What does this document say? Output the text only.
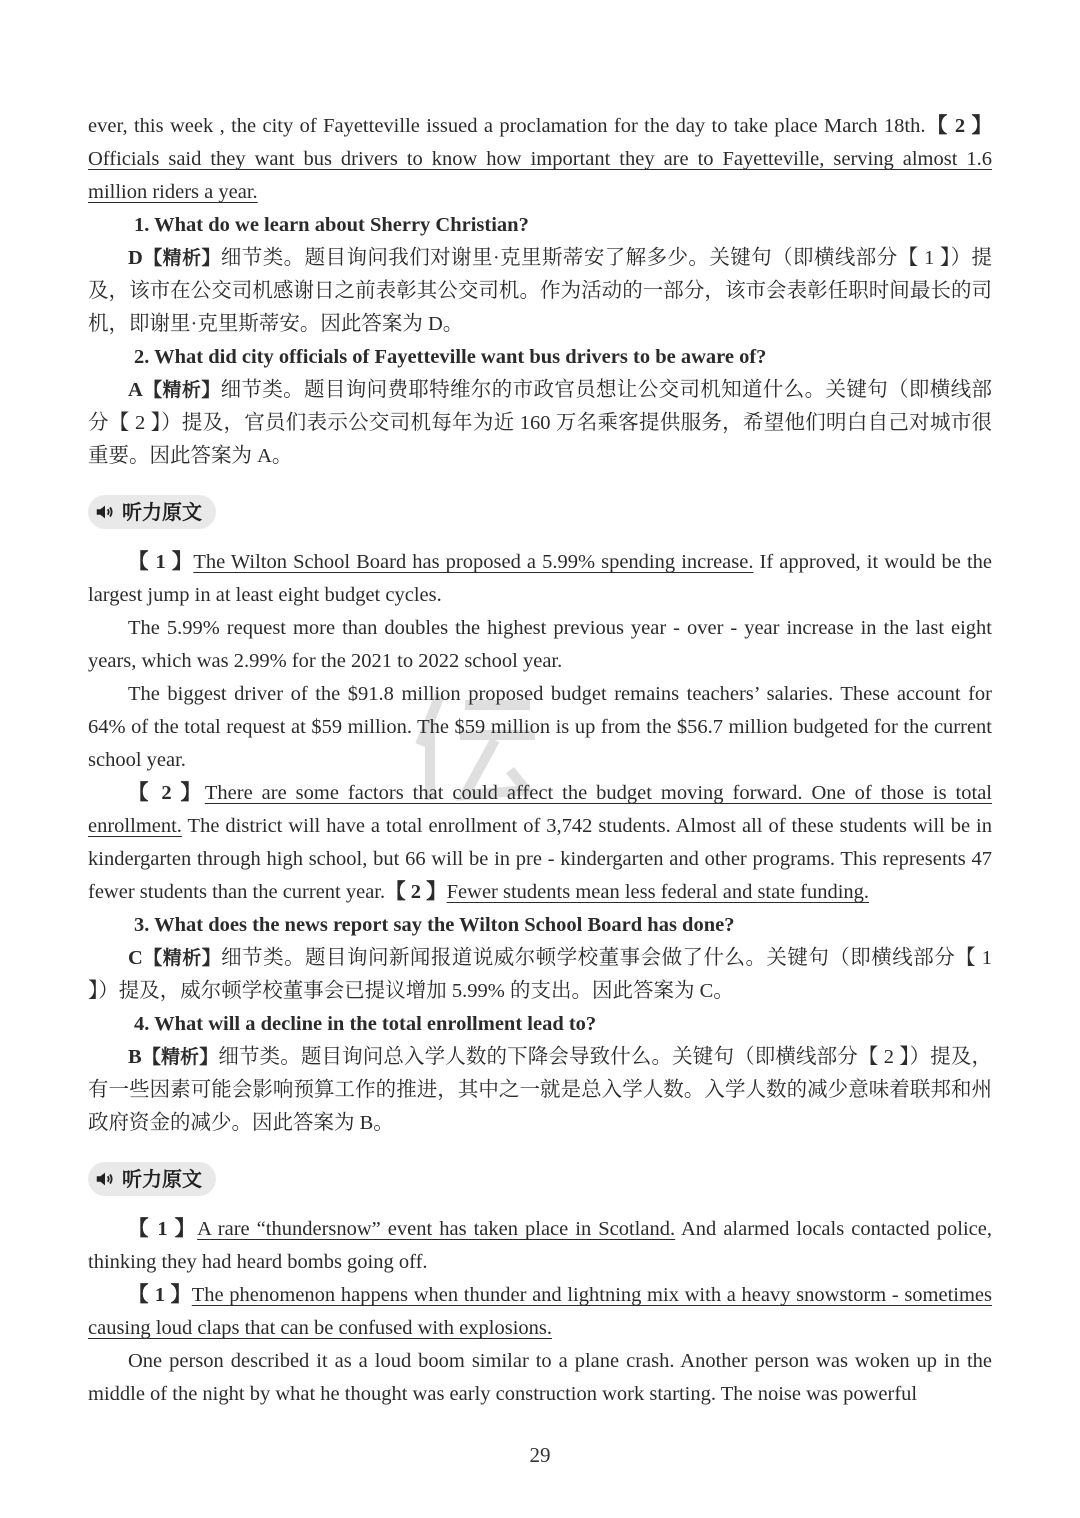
ever, this week , the city of Fayetteville issued a proclamation for the day to take place March 18th.【 2 】 Officials said they want bus drivers to know how important they are to Fayetteville, serving almost 1.6 million riders a year.

1. What do we learn about Sherry Christian?

D【精析】细节类。题目询问我们对谢里·克里斯蒂安了解多少。关键句（即横线部分【 1 】）提及，该市在公交司机感谢日之前表彰其公交司机。作为活动的一部分，该市会表彰任职时间最长的司机，即谢里·克里斯蒂安。因此答案为 D。

2. What did city officials of Fayetteville want bus drivers to be aware of?

A【精析】细节类。题目询问费耶特维尔的市政官员想让公交司机知道什么。关键句（即横线部分【 2 】）提及，官员们表示公交司机每年为近 160 万名乘客提供服务，希望他们明白自己对城市很重要。因此答案为 A。

听力原文

【 1 】The Wilton School Board has proposed a 5.99% spending increase. If approved, it would be the largest jump in at least eight budget cycles.

The 5.99% request more than doubles the highest previous year - over - year increase in the last eight years, which was 2.99% for the 2021 to 2022 school year.

The biggest driver of the $91.8 million proposed budget remains teachers’ salaries. These account for 64% of the total request at $59 million. The $59 million is up from the $56.7 million budgeted for the current school year.

【 2 】There are some factors that could affect the budget moving forward. One of those is total enrollment. The district will have a total enrollment of 3,742 students. Almost all of these students will be in kindergarten through high school, but 66 will be in pre - kindergarten and other programs. This represents 47 fewer students than the current year.【 2 】Fewer students mean less federal and state funding.

3. What does the news report say the Wilton School Board has done?

C【精析】细节类。题目询问新闻报道说威尔顿学校董事会做了什么。关键句（即横线部分【 1 】）提及，威尔顿学校董事会已提议增加 5.99% 的支出。因此答案为 C。

4. What will a decline in the total enrollment lead to?

B【精析】细节类。题目询问总入学人数的下降会导致什么。关键句（即横线部分【 2 】）提及，有一些因素可能会影响预算工作的推进，其中之一就是总入学人数。入学人数的减少意味着联邦和州政府资金的减少。因此答案为 B。

听力原文

【 1 】A rare “thundersnow” event has taken place in Scotland. And alarmed locals contacted police, thinking they had heard bombs going off.

【 1 】The phenomenon happens when thunder and lightning mix with a heavy snowstorm - sometimes causing loud claps that can be confused with explosions.

One person described it as a loud boom similar to a plane crash. Another person was woken up in the middle of the night by what he thought was early construction work starting. The noise was powerful

29
